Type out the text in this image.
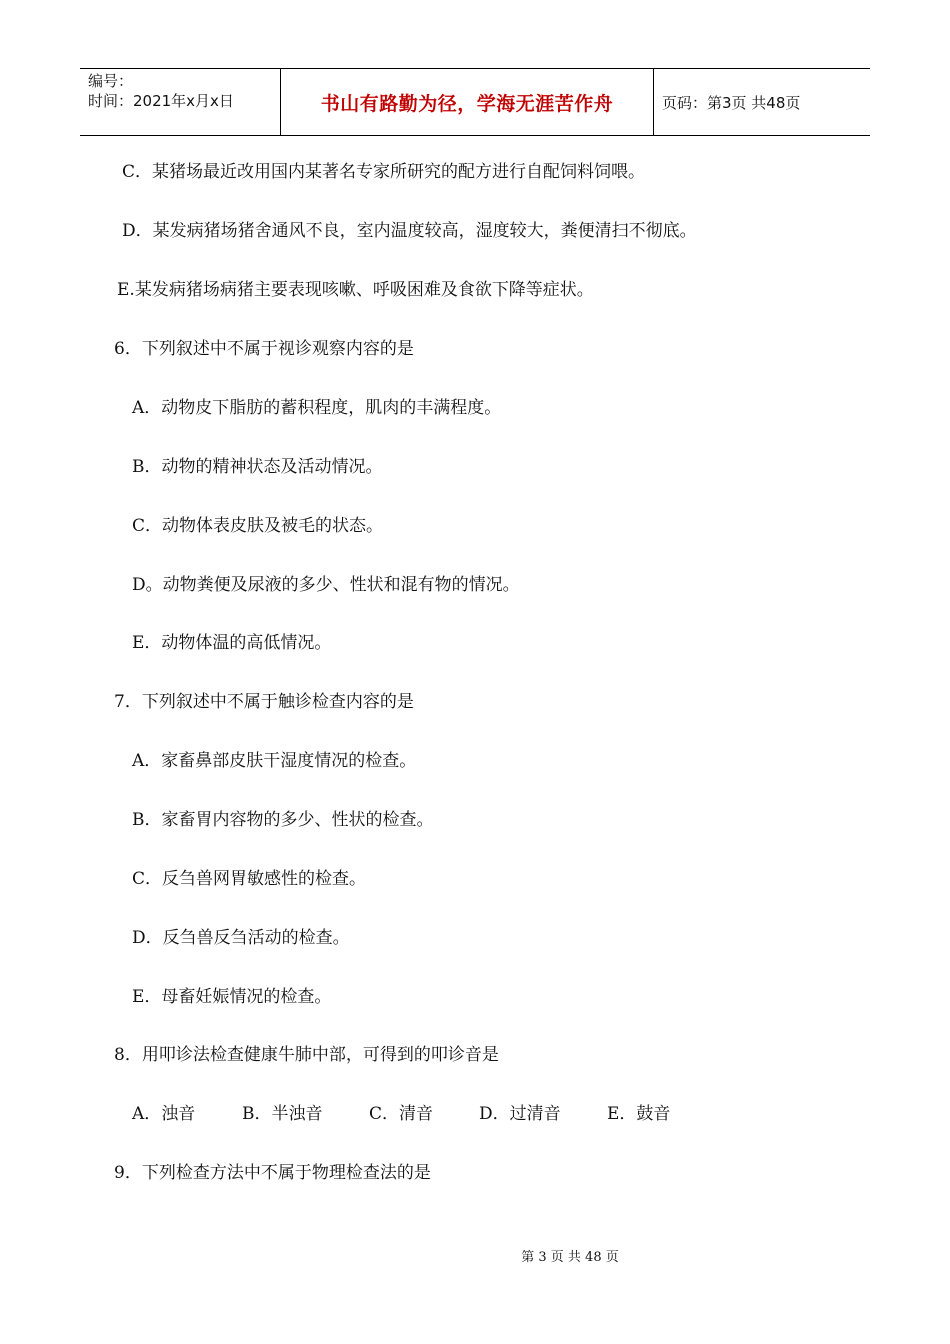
编号：
时间：2021年x月x日	书山有路勤为径，学海无涯苦作舟	页码：第3页 共48页
C．某猪场最近改用国内某著名专家所研究的配方进行自配饲料饲喂。
D．某发病猪场猪舍通风不良，室内温度较高，湿度较大，粪便清扫不彻底。
E.某发病猪场病猪主要表现咳嗽、呼吸困难及食欲下降等症状。
6．下列叙述中不属于视诊观察内容的是
A．动物皮下脂肪的蓄积程度，肌肉的丰满程度。
B．动物的精神状态及活动情况。
C．动物体表皮肤及被毛的状态。
D。动物粪便及尿液的多少、性状和混有物的情况。
E．动物体温的高低情况。
7．下列叙述中不属于触诊检查内容的是
A．家畜鼻部皮肤干湿度情况的检查。
B．家畜胃内容物的多少、性状的检查。
C．反刍兽网胃敏感性的检查。
D．反刍兽反刍活动的检查。
E．母畜妊娠情况的检查。
8．用叩诊法检查健康牛肺中部，可得到的叩诊音是
A．浊音	B．半浊音	C．清音	D．过清音	E．鼓音
9．下列检查方法中不属于物理检查法的是
第 3 页 共 48 页
